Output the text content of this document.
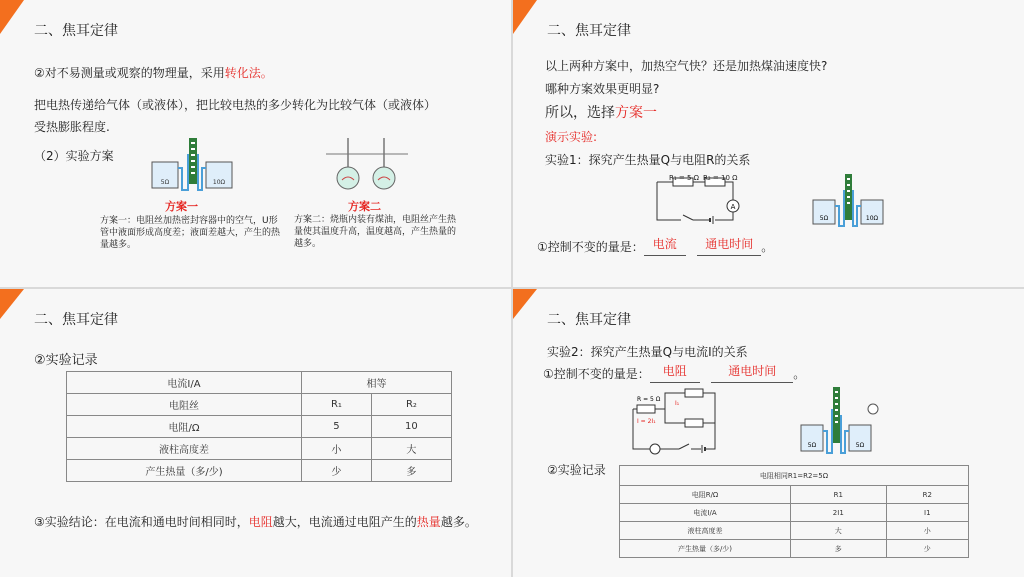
二、焦耳定律
②对不易测量或观察的物理量，采用转化法。
把电热传递给气体（或液体），把比较电热的多少转化为比较气体（或液体）
受热膨胀程度.
（2）实验方案
5Ω	10Ω
方案一
方案一：电阻丝加热密封容器中的空气，U形管中液面形成高度差；液面差越大，产生的热量越多。
方案二
方案二：烧瓶内装有煤油，电阻丝产生热量使其温度升高，温度越高，产生热量的越多。
二、焦耳定律
以上两种方案中，加热空气快？还是加热煤油速度快?
哪种方案效果更明显?
所以，选择方案一
演示实验:
实验1：探究产生热量Q与电阻R的关系
A
R₁ = 5 Ω R₂ = 10 Ω
5Ω	10Ω
①控制不变的量是： 电流 通电时间 。
二、焦耳定律
②实验记录
电流I/A	相等	
电阻丝	R₁	R₂
电阻/Ω	5	10
液柱高度差	小	大
产生热量（多/少)	少	多
③实验结论：在电流和通电时间相同时，电阻越大，电流通过电阻产生的热量越多。
二、焦耳定律
实验2：探究产生热量Q与电流I的关系
①控制不变的量是： 电阻	通电时间 。
R = 5 Ω
I = 2I₁
I₁
5Ω	5Ω
②实验记录	电阻相同R1=R2=5Ω		
电阻R/Ω	R1	R2
电流I/A	2I1	I1
液柱高度差	大	小
产生热量（多/少)	多	少
